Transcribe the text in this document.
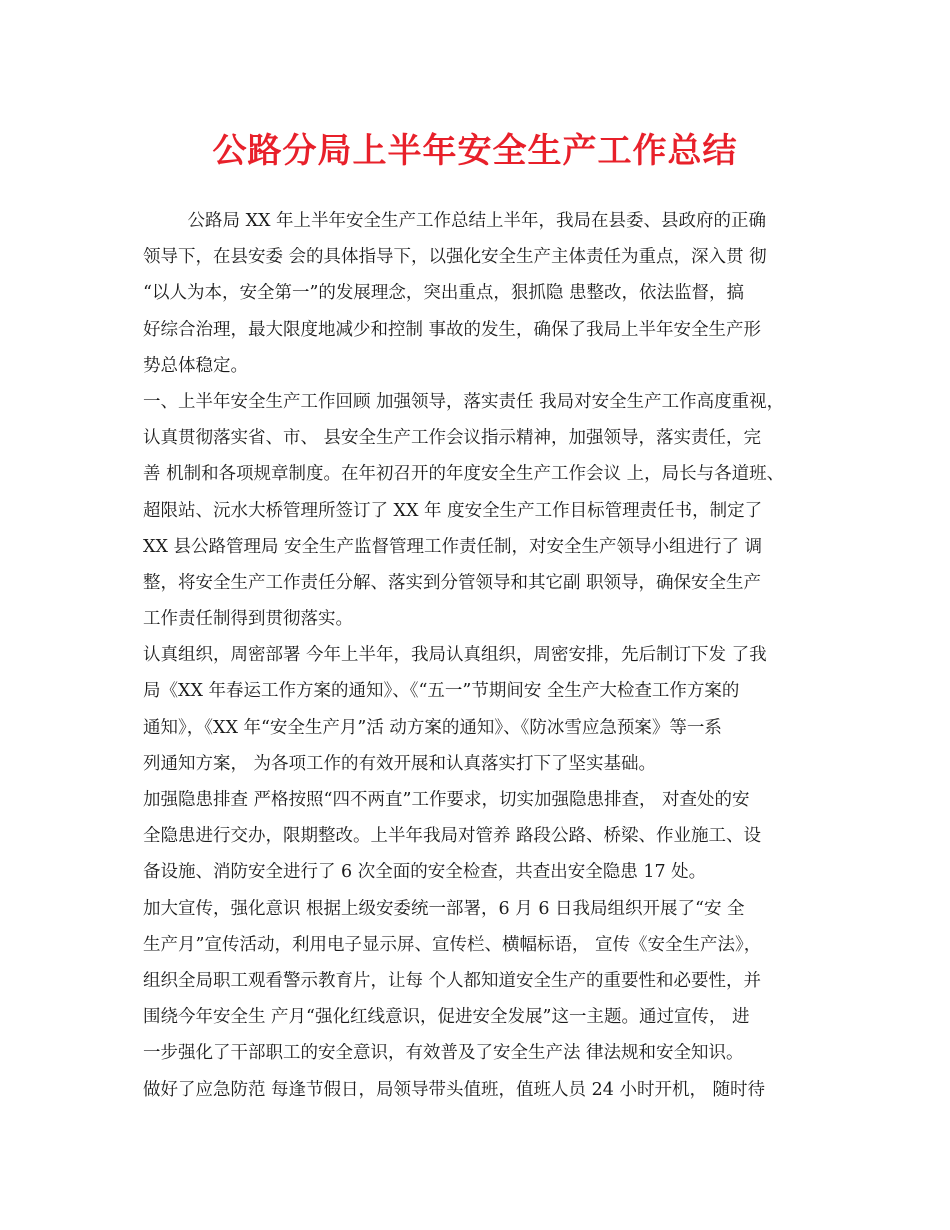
公路分局上半年安全生产工作总结
公路局 XX 年上半年安全生产工作总结上半年，我局在县委、县政府的正确
领导下，在县安委 会的具体指导下，以强化安全生产主体责任为重点，深入贯 彻
“以人为本，安全第一”的发展理念，突出重点，狠抓隐 患整改，依法监督，搞
好综合治理，最大限度地减少和控制 事故的发生，确保了我局上半年安全生产形
势总体稳定。
一、上半年安全生产工作回顾 加强领导，落实责任 我局对安全生产工作高度重视，
认真贯彻落实省、市、 县安全生产工作会议指示精神，加强领导，落实责任，完
善 机制和各项规章制度。在年初召开的年度安全生产工作会议 上，局长与各道班、
超限站、沅水大桥管理所签订了 XX 年 度安全生产工作目标管理责任书，制定了
XX 县公路管理局 安全生产监督管理工作责任制，对安全生产领导小组进行了 调
整，将安全生产工作责任分解、落实到分管领导和其它副 职领导，确保安全生产
工作责任制得到贯彻落实。
认真组织，周密部署 今年上半年，我局认真组织，周密安排，先后制订下发 了我
局《XX 年春运工作方案的通知》、《“五一”节期间安 全生产大检查工作方案的
通知》，《XX 年“安全生产月”活 动方案的通知》、《防冰雪应急预案》等一系
列通知方案， 为各项工作的有效开展和认真落实打下了坚实基础。
加强隐患排查 严格按照“四不两直”工作要求，切实加强隐患排查， 对查处的安
全隐患进行交办，限期整改。上半年我局对管养 路段公路、桥梁、作业施工、设
备设施、消防安全进行了 6 次全面的安全检查，共查出安全隐患 17 处。
加大宣传，强化意识 根据上级安委统一部署，6 月 6 日我局组织开展了“安 全
生产月”宣传活动，利用电子显示屏、宣传栏、横幅标语， 宣传《安全生产法》，
组织全局职工观看警示教育片，让每 个人都知道安全生产的重要性和必要性，并
围绕今年安全生 产月“强化红线意识，促进安全发展”这一主题。通过宣传， 进
一步强化了干部职工的安全意识，有效普及了安全生产法 律法规和安全知识。
做好了应急防范 每逢节假日，局领导带头值班，值班人员 24 小时开机， 随时待
